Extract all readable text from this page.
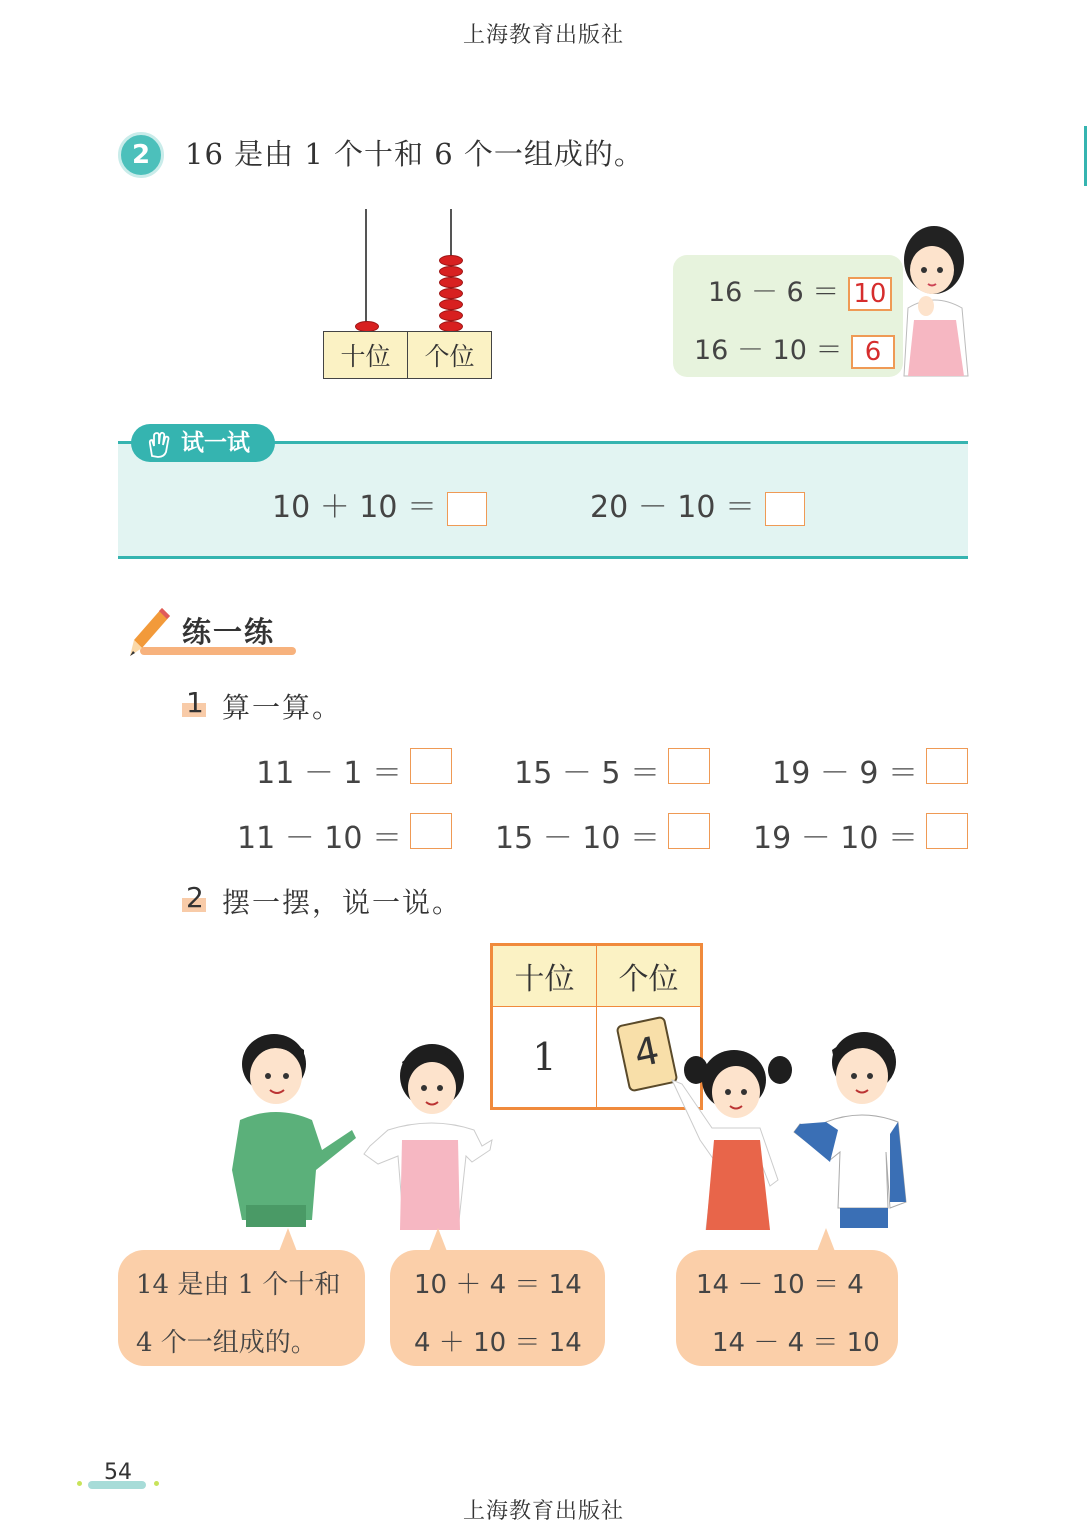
上海教育出版社
2	16 是由 1 个十和 6 个一组成的。
十位	个位
16 － 6 ＝ 10
16 － 10 ＝ 6
试一试
10 ＋ 10 ＝	20 － 10 ＝
练一练
1 算一算。
11 － 1 ＝	15 － 5 ＝	19 － 9 ＝
11 － 10 ＝	15 － 10 ＝	19 － 10 ＝
2 摆一摆，说一说。
十位	个位
1		4
14 是由 1 个十和
4 个一组成的。
10 ＋ 4 ＝ 14
4 ＋ 10 ＝ 14
14 － 10 ＝ 4
14 － 4 ＝ 10
54
上海教育出版社
